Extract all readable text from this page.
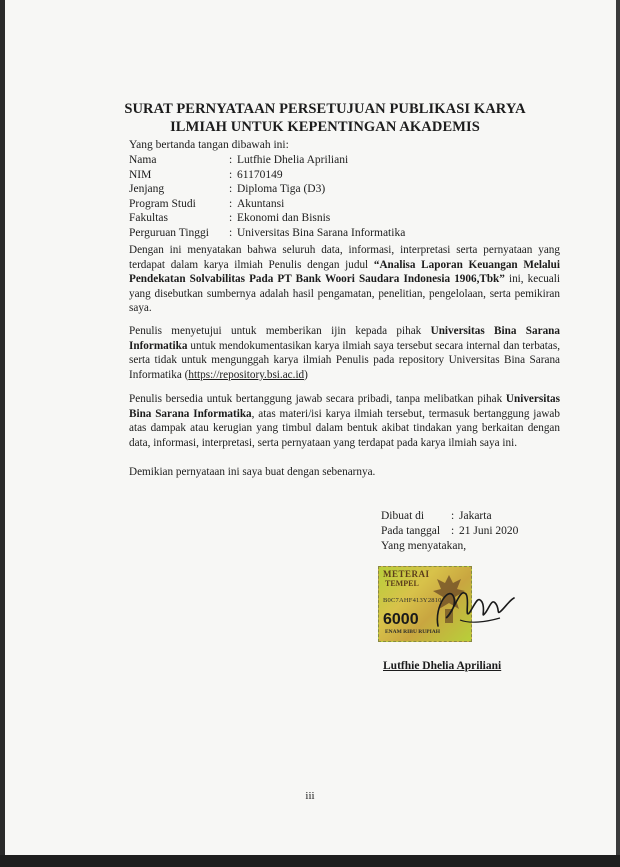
SURAT PERNYATAAN PERSETUJUAN PUBLIKASI KARYA
ILMIAH UNTUK KEPENTINGAN AKADEMIS
Yang bertanda tangan dibawah ini:
Nama	: Lutfhie Dhelia Apriliani
NIM	: 61170149
Jenjang	: Diploma Tiga (D3)
Program Studi	: Akuntansi
Fakultas	: Ekonomi dan Bisnis
Perguruan Tinggi	: Universitas Bina Sarana Informatika
Dengan ini menyatakan bahwa seluruh data, informasi, interpretasi serta pernyataan yang terdapat dalam karya ilmiah Penulis dengan judul “Analisa Laporan Keuangan Melalui Pendekatan Solvabilitas Pada PT Bank Woori Saudara Indonesia 1906,Tbk” ini, kecuali yang disebutkan sumbernya adalah hasil pengamatan, penelitian, pengelolaan, serta pemikiran saya.
Penulis menyetujui untuk memberikan ijin kepada pihak Universitas Bina Sarana Informatika untuk mendokumentasikan karya ilmiah saya tersebut secara internal dan terbatas, serta tidak untuk mengunggah karya ilmiah Penulis pada repository Universitas Bina Sarana Informatika (https://repository.bsi.ac.id)
Penulis bersedia untuk bertanggung jawab secara pribadi, tanpa melibatkan pihak Universitas Bina Sarana Informatika, atas materi/isi karya ilmiah tersebut, termasuk bertanggung jawab atas dampak atau kerugian yang timbul dalam bentuk akibat tindakan yang berkaitan dengan data, informasi, interpretasi, serta pernyataan yang terdapat pada karya ilmiah saya ini.
Demikian pernyataan ini saya buat dengan sebenarnya.
Dibuat di	: Jakarta
Pada tanggal : 21 Juni 2020
Yang menyatakan,
METERAI
TEMPEL
B0C7AHF413Y2810
6000
ENAM RIBU RUPIAH
Lutfhie Dhelia Apriliani
iii
